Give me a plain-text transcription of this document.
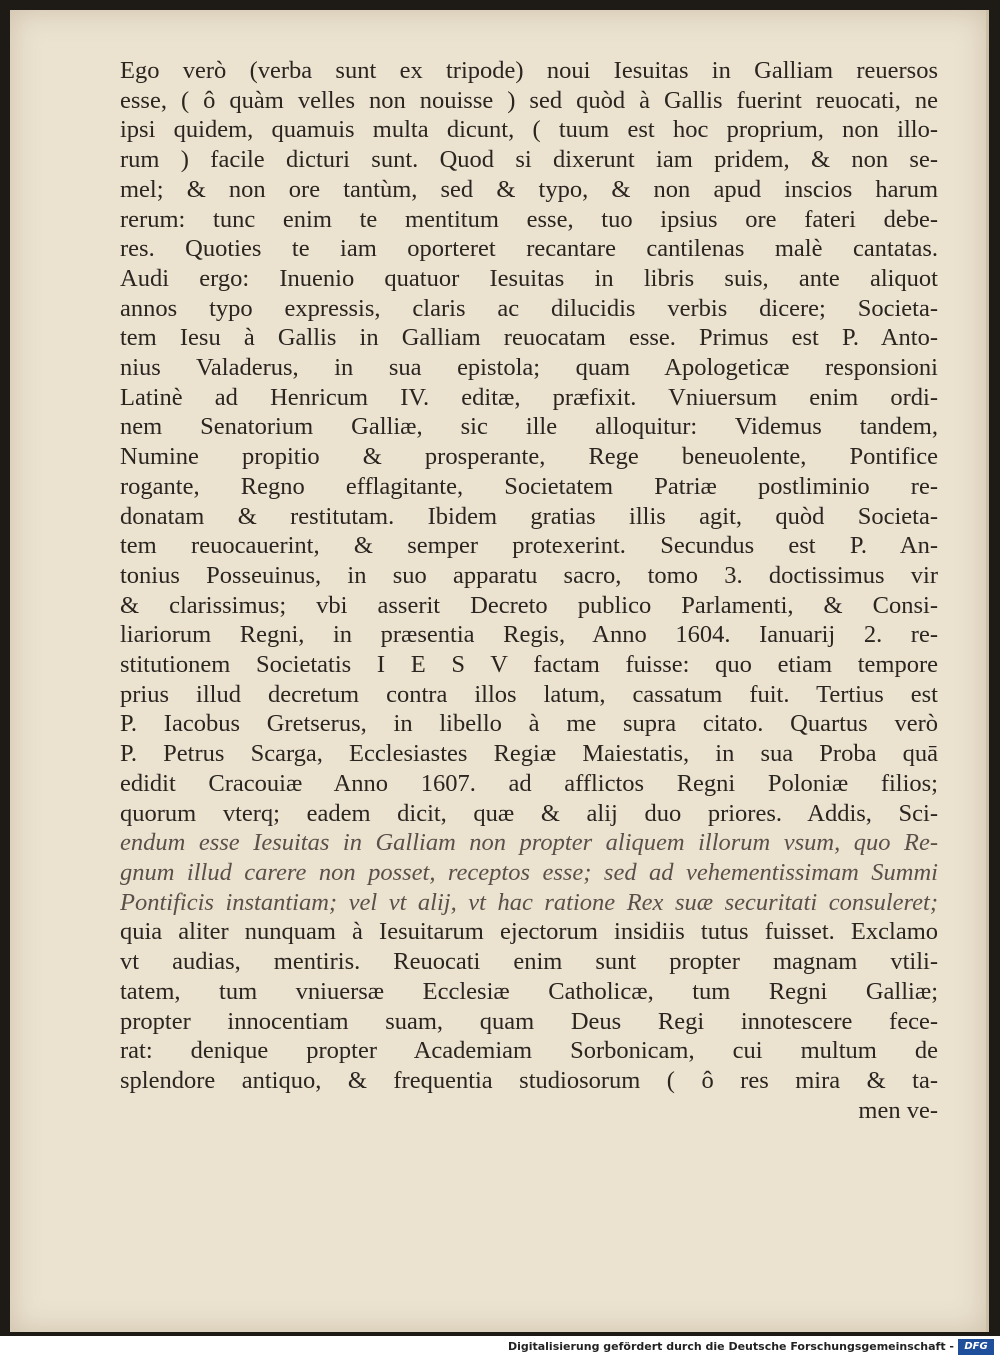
Ego verò (verba sunt ex tripode) noui Iesuitas in Galliam reuersos
esse, ( ô quàm velles non nouisse ) sed quòd à Gallis fuerint reuocati, ne
ipsi quidem, quamuis multa dicunt, ( tuum est hoc proprium, non illo-
rum ) facile dicturi sunt. Quod si dixerunt iam pridem, & non se-
mel; & non ore tantùm, sed & typo, & non apud inscios harum
rerum: tunc enim te mentitum esse, tuo ipsius ore fateri debe-
res. Quoties te iam oporteret recantare cantilenas malè cantatas.
Audi ergo: Inuenio quatuor Iesuitas in libris suis, ante aliquot
annos typo expressis, claris ac dilucidis verbis dicere; Societa-
tem Iesu à Gallis in Galliam reuocatam esse. Primus est P. Anto-
nius Valaderus, in sua epistola; quam Apologeticæ responsioni
Latinè ad Henricum IV. editæ, præfixit. Vniuersum enim ordi-
nem Senatorium Galliæ, sic ille alloquitur: Videmus tandem,
Numine propitio & prosperante, Rege beneuolente, Pontifice
rogante, Regno efflagitante, Societatem Patriæ postliminio re-
donatam & restitutam. Ibidem gratias illis agit, quòd Societa-
tem reuocauerint, & semper protexerint. Secundus est P. An-
tonius Posseuinus, in suo apparatu sacro, tomo 3. doctissimus vir
& clarissimus; vbi asserit Decreto publico Parlamenti, & Consi-
liariorum Regni, in præsentia Regis, Anno 1604. Ianuarij 2. re-
stitutionem Societatis I E S V factam fuisse: quo etiam tempore
prius illud decretum contra illos latum, cassatum fuit. Tertius est
P. Iacobus Gretserus, in libello à me supra citato. Quartus verò
P. Petrus Scarga, Ecclesiastes Regiæ Maiestatis, in sua Proba quā
edidit Cracouiæ Anno 1607. ad afflictos Regni Poloniæ filios;
quorum vterq; eadem dicit, quæ & alij duo priores. Addis, Sci-
endum esse Iesuitas in Galliam non propter aliquem illorum vsum, quo Re-
gnum illud carere non posset, receptos esse; sed ad vehementissimam Summi
Pontificis instantiam; vel vt alij, vt hac ratione Rex suæ securitati consuleret;
quia aliter nunquam à Iesuitarum ejectorum insidiis tutus fuisset. Exclamo
vt audias, mentiris. Reuocati enim sunt propter magnam vtili-
tatem, tum vniuersæ Ecclesiæ Catholicæ, tum Regni Galliæ;
propter innocentiam suam, quam Deus Regi innotescere fece-
rat: denique propter Academiam Sorbonicam, cui multum de
splendore antiquo, & frequentia studiosorum ( ô res mira & ta-
men ve-
Digitalisierung gefördert durch die Deutsche Forschungsgemeinschaft -	DFG
